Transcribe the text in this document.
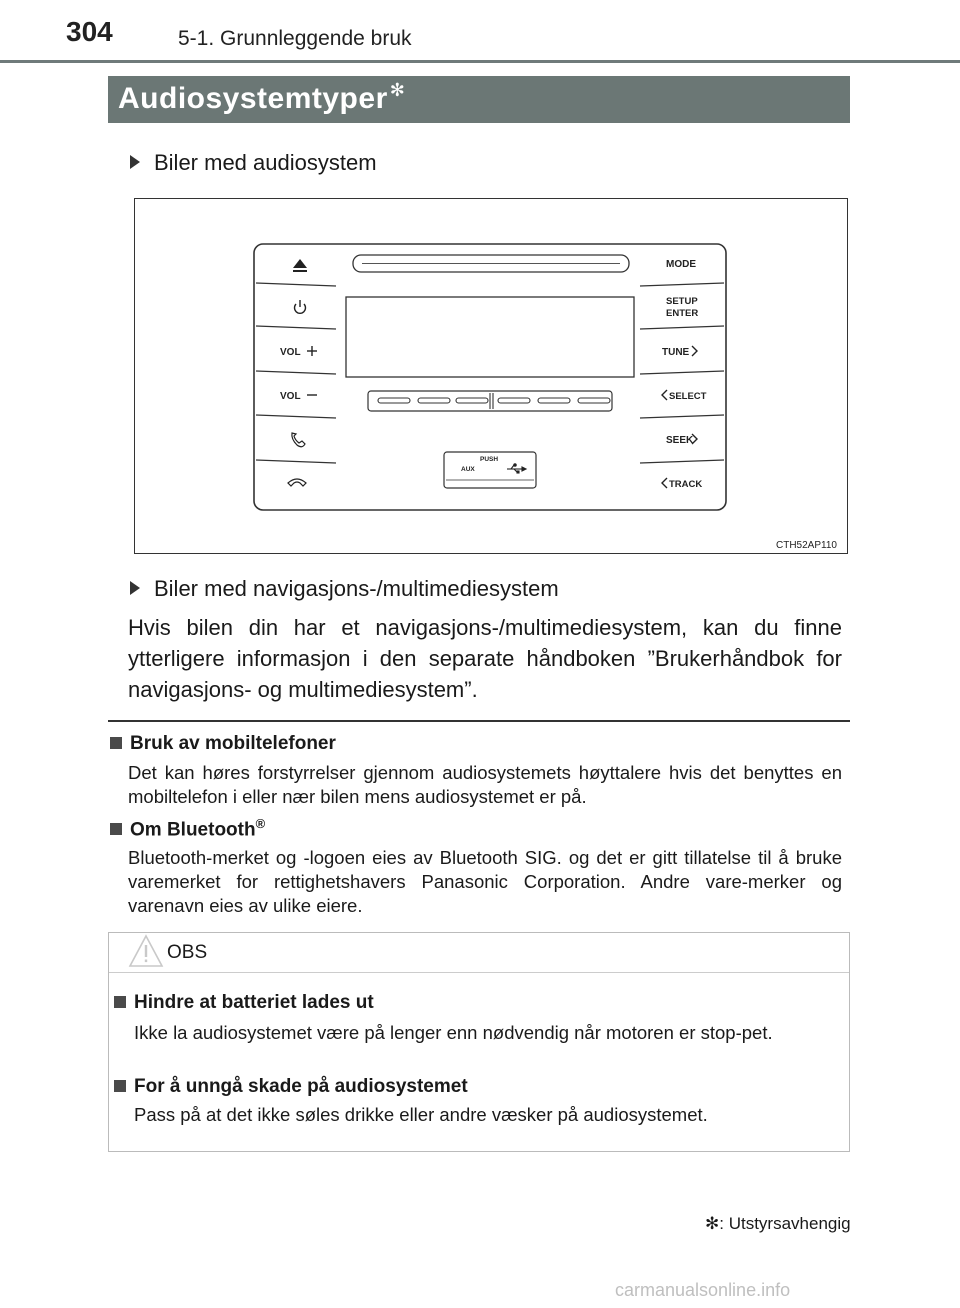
304	5-1. Grunnleggende bruk
Audiosystemtyper ✻
Biler med audiosystem
VOL
VOL
MODE
SETUP
ENTER
TUNE
SELECT
SEEK
TRACK
PUSH
AUX
CTH52AP110
Biler med navigasjons-/multimediesystem
Hvis bilen din har et navigasjons-/multimediesystem, kan du finne ytterligere informasjon i den separate håndboken ”Brukerhåndbok for navigasjons- og multimediesystem”.
Bruk av mobiltelefoner
Det kan høres forstyrrelser gjennom audiosystemets høyttalere hvis det benyttes en mobiltelefon i eller nær bilen mens audiosystemet er på.
Om Bluetooth®
Bluetooth-merket og -logoen eies av Bluetooth SIG. og det er gitt tillatelse til å bruke varemerket for rettighetshavers Panasonic Corporation. Andre vare-merker og varenavn eies av ulike eiere.
OBS
Hindre at batteriet lades ut
Ikke la audiosystemet være på lenger enn nødvendig når motoren er stop-pet.
For å unngå skade på audiosystemet
Pass på at det ikke søles drikke eller andre væsker på audiosystemet.
✻: Utstyrsavhengig
carmanualsonline.info
